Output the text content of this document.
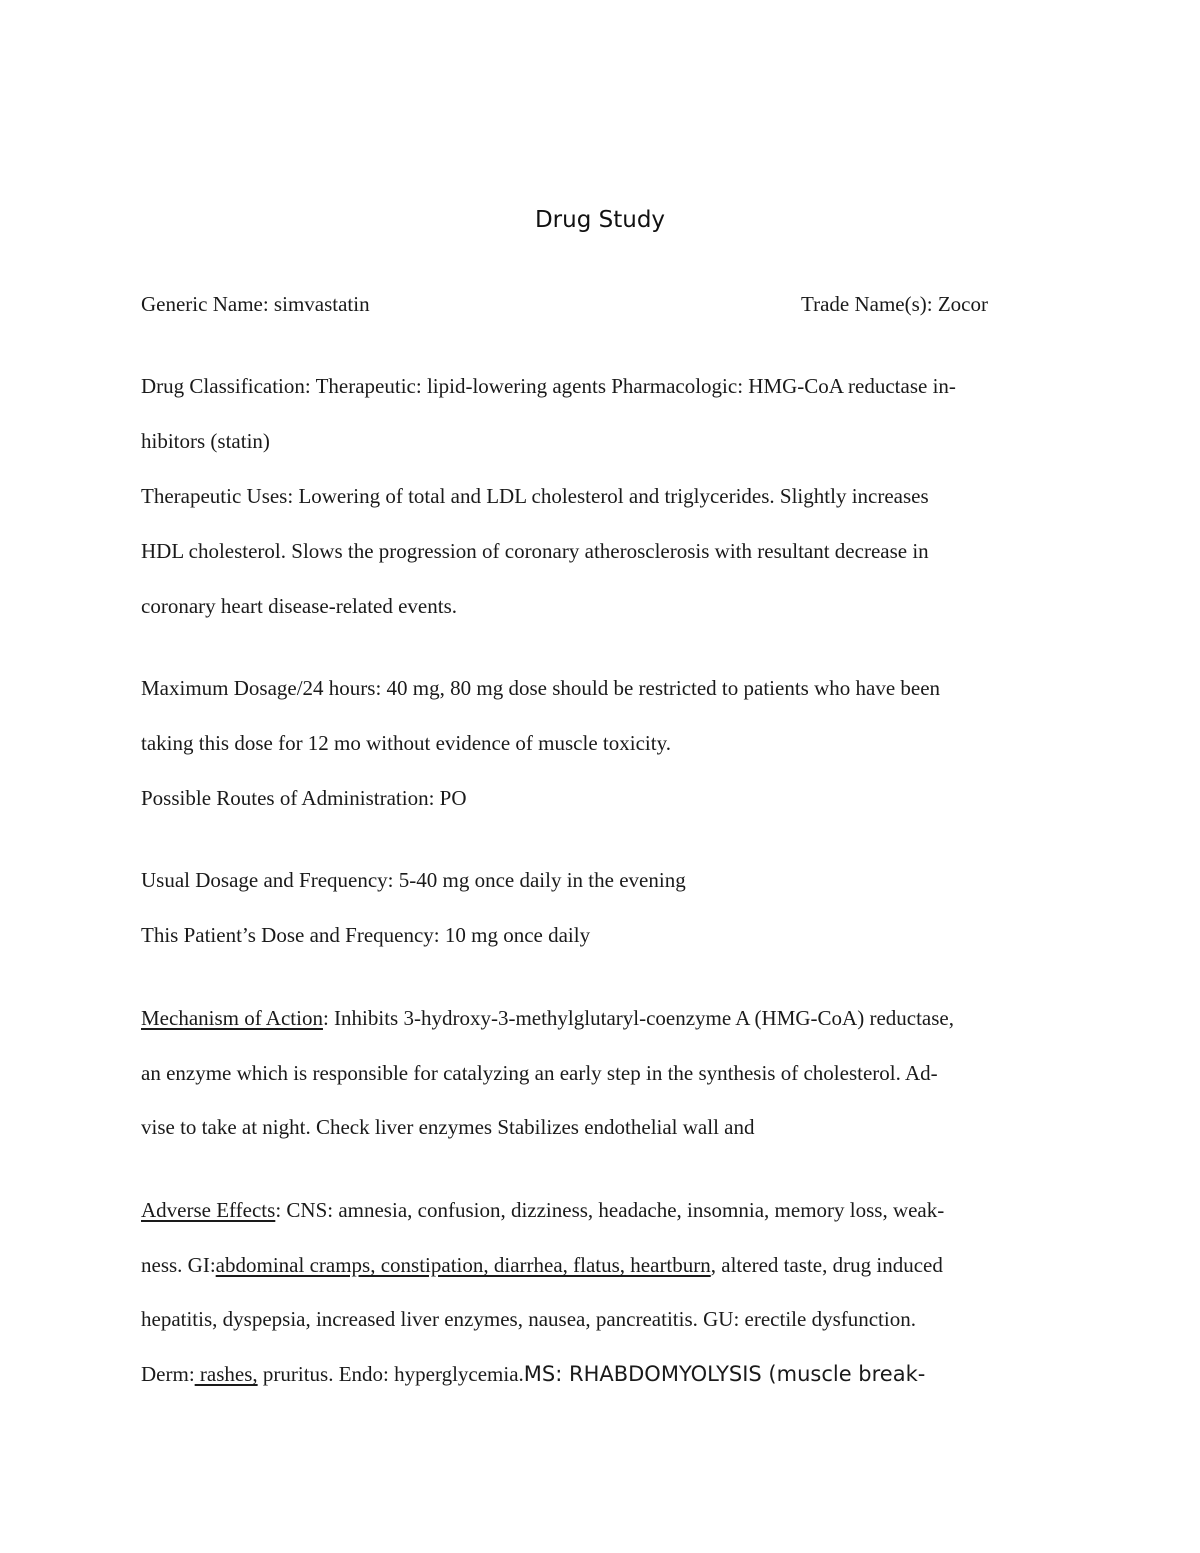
Drug Study
Generic Name: simvastatin	Trade Name(s): Zocor
Drug Classification: Therapeutic: lipid-lowering agents Pharmacologic: HMG-CoA reductase in-
hibitors (statin)
Therapeutic Uses: Lowering of total and LDL cholesterol and triglycerides. Slightly increases
HDL cholesterol. Slows the progression of coronary atherosclerosis with resultant decrease in
coronary heart disease-related events.
Maximum Dosage/24 hours: 40 mg, 80 mg dose should be restricted to patients who have been
taking this dose for 12 mo without evidence of muscle toxicity.
Possible Routes of Administration: PO
Usual Dosage and Frequency: 5-40 mg once daily in the evening
This Patient’s Dose and Frequency: 10 mg once daily
Mechanism of Action: Inhibits 3-hydroxy-3-methylglutaryl-coenzyme A (HMG-CoA) reductase,
an enzyme which is responsible for catalyzing an early step in the synthesis of cholesterol. Ad-
vise to take at night. Check liver enzymes Stabilizes endothelial wall and
Adverse Effects: CNS: amnesia, confusion, dizziness, headache, insomnia, memory loss, weak-
ness. GI:abdominal cramps, constipation, diarrhea, flatus, heartburn, altered taste, drug induced
hepatitis, dyspepsia, increased liver enzymes, nausea, pancreatitis. GU: erectile dysfunction.
Derm: rashes, pruritus. Endo: hyperglycemia.MS: RHABDOMYOLYSIS (muscle break-
